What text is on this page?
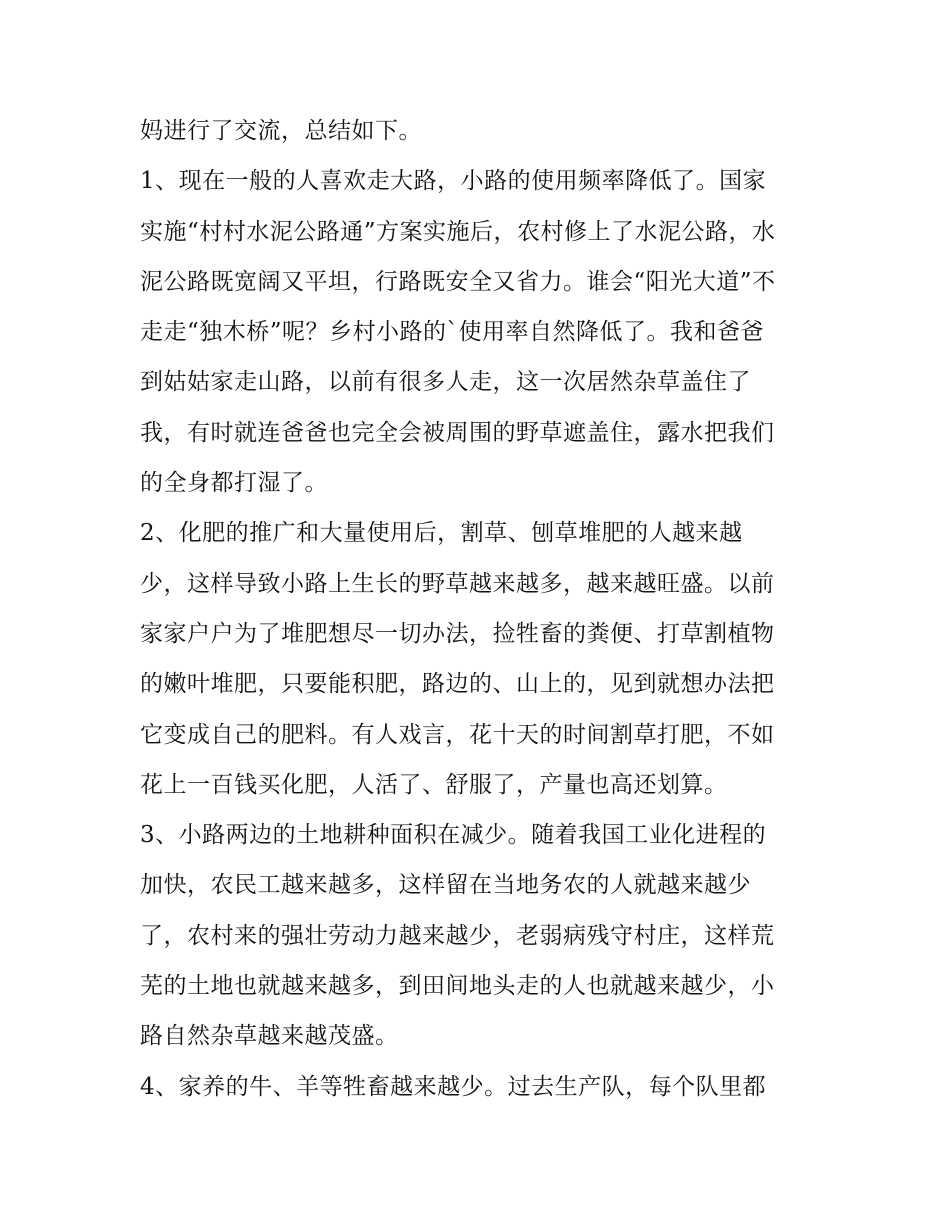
妈进行了交流，总结如下。
1、现在一般的人喜欢走大路，小路的使用频率降低了。国家
实施“村村水泥公路通”方案实施后，农村修上了水泥公路，水
泥公路既宽阔又平坦，行路既安全又省力。谁会“阳光大道”不
走走“独木桥”呢？乡村小路的`使用率自然降低了。我和爸爸
到姑姑家走山路，以前有很多人走，这一次居然杂草盖住了
我，有时就连爸爸也完全会被周围的野草遮盖住，露水把我们
的全身都打湿了。
2、化肥的推广和大量使用后，割草、刨草堆肥的人越来越
少，这样导致小路上生长的野草越来越多，越来越旺盛。以前
家家户户为了堆肥想尽一切办法，捡牲畜的粪便、打草割植物
的嫩叶堆肥，只要能积肥，路边的、山上的，见到就想办法把
它变成自己的肥料。有人戏言，花十天的时间割草打肥，不如
花上一百钱买化肥，人活了、舒服了，产量也高还划算。
3、小路两边的土地耕种面积在减少。随着我国工业化进程的
加快，农民工越来越多，这样留在当地务农的人就越来越少
了，农村来的强壮劳动力越来越少，老弱病残守村庄，这样荒
芜的土地也就越来越多，到田间地头走的人也就越来越少，小
路自然杂草越来越茂盛。
4、家养的牛、羊等牲畜越来越少。过去生产队，每个队里都
